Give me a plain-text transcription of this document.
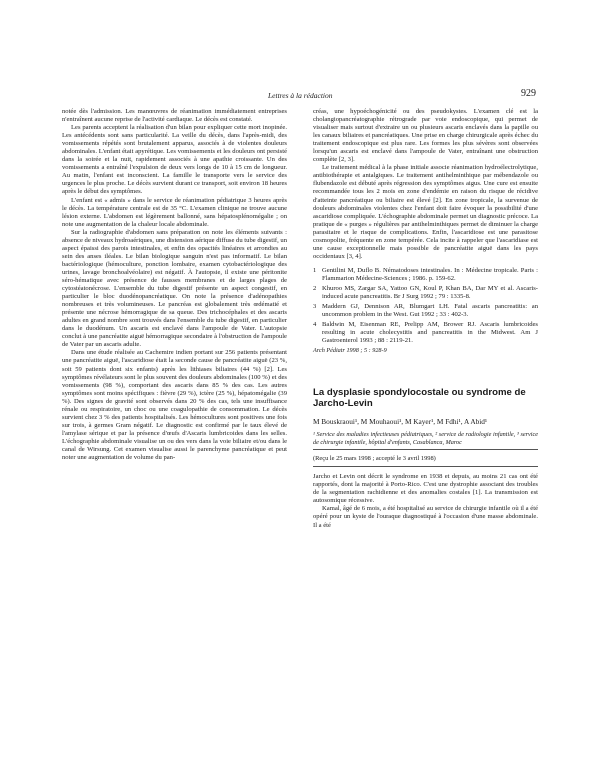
Lettres à la rédaction	929

notée dès l'admission. Les manœuvres de réanimation immédiatement entreprises n'entraînent aucune reprise de l'activité cardiaque. Le décès est constaté.

Les parents acceptent la réalisation d'un bilan pour expliquer cette mort inopinée. Les antécédents sont sans particularité. La veille du décès, dans l'après-midi, des vomissements répétés sont brutalement apparus, associés à de violentes douleurs abdominales. L'enfant était apyrétique. Les vomissements et les douleurs ont persisté dans la soirée et la nuit, rapidement associés à une apathie croissante. Un des vomissements a entraîné l'expulsion de deux vers longs de 10 à 15 cm de longueur. Au matin, l'enfant est inconscient. La famille le transporte vers le service des urgences le plus proche. Le décès survient durant ce transport, soit environ 18 heures après le début des symptômes.

L'enfant est « admis » dans le service de réanimation pédiatrique 3 heures après le décès. La température centrale est de 35 °C. L'examen clinique ne trouve aucune lésion externe. L'abdomen est légèrement ballonné, sans hépatosplénomégalie ; on note une augmentation de la chaleur locale abdominale.

Sur la radiographie d'abdomen sans préparation on note les éléments suivants : absence de niveaux hydroaériques, une distension aérique diffuse du tube digestif, un aspect épaissi des parois intestinales, et enfin des opacités linéaires et arrondies au sein des anses iléales. Le bilan biologique sanguin n'est pas informatif. Le bilan bactériologique (hémoculture, ponction lombaire, examen cytobactériologique des urines, lavage bronchoalvéolaire) est négatif. À l'autopsie, il existe une péritonite séro-hématique avec présence de fausses membranes et de larges plages de cytostéatonécrose. L'ensemble du tube digestif présente un aspect congestif, en particulier le bloc duodénopancréatique. On note la présence d'adénopathies nombreuses et très volumineuses. Le pancréas est globalement très œdématié et présente une nécrose hémorragique de sa queue. Des trichocéphales et des ascaris adultes en grand nombre sont trouvés dans l'ensemble du tube digestif, en particulier dans le duodénum. Un ascaris est enclavé dans l'ampoule de Vater. L'autopsie conclut à une pancréatite aiguë hémorragique secondaire à l'obstruction de l'ampoule de Vater par un ascaris adulte.

Dans une étude réalisée au Cachemire indien portant sur 256 patients présentant une pancréatite aiguë, l'ascaridiose était la seconde cause de pancréatite aiguë (23 %, soit 59 patients dont six enfants) après les lithiases biliaires (44 %) [2]. Les symptômes révélateurs sont le plus souvent des douleurs abdominales (100 %) et des vomissements (98 %), comportant des ascaris dans 85 % des cas. Les autres symptômes sont moins spécifiques : fièvre (29 %), ictère (25 %), hépatomégalie (39 %). Des signes de gravité sont observés dans 20 % des cas, tels une insuffisance rénale ou respiratoire, un choc ou une coagulopathie de consommation. Le décès survient chez 3 % des patients hospitalisés. Les hémocultures sont positives une fois sur trois, à germes Gram négatif. Le diagnostic est confirmé par le taux élevé de l'amylase sérique et par la présence d'œufs d'Ascaris lumbricoides dans les selles. L'échographie abdominale visualise un ou des vers dans la voie biliaire et/ou dans le canal de Wirsung. Cet examen visualise aussi le parenchyme pancréatique et peut noter une augmentation de volume du pan-

créas, une hypoéchogénicité ou des pseudokystes. L'examen clé est la cholangiopancréatographie rétrograde par voie endoscopique, qui permet de visualiser mais surtout d'extraire un ou plusieurs ascaris enclavés dans la papille ou les canaux biliaires et pancréatiques. Une prise en charge chirurgicale après échec du traitement endoscopique est plus rare. Les formes les plus sévères sont observées lorsqu'un ascaris est enclavé dans l'ampoule de Vater, entraînant une obstruction complète [2, 3].

Le traitement médical à la phase initiale associe réanimation hydroélectrolytique, antibiothérapie et antalgiques. Le traitement antihelminthique par mébendazole ou flubendazole est débuté après régression des symptômes aigus. Une cure est ensuite recommandée tous les 2 mois en zone d'endémie en raison du risque de récidive d'atteinte pancréatique ou biliaire est élevé [2]. En zone tropicale, la survenue de douleurs abdominales violentes chez l'enfant doit faire évoquer la possibilité d'une ascaridiose compliquée. L'échographie abdominale permet un diagnostic précoce. La pratique de « purges » régulières par antihelminthiques permet de diminuer la charge parasitaire et le risque de complications. Enfin, l'ascaridiose est une parasitose cosmopolite, fréquente en zone tempérée. Cela incite à rappeler que l'ascaridiase est une cause exceptionnelle mais possible de pancréatite aiguë dans les pays occidentaux [3, 4].

1 Gentilini M, Duflo B. Nématodoses intestinales. In : Médecine tropicale. Paris : Flammarion Médecine-Sciences ; 1986. p. 159-62.
2 Khuroo MS, Zargar SA, Yattoo GN, Koul P, Khan BA, Dar MY et al. Ascaris-induced acute pancreatitis. Br J Surg 1992 ; 79 : 1335-8.
3 Maddern GJ, Dennison AR, Blumgart LH. Fatal ascaris pancreatitis: an uncommon problem in the West. Gut 1992 ; 33 : 402-3.
4 Baldwin M, Eisenman RE, Prelipp AM, Brower RJ. Ascaris lumbricoides resulting in acute cholecystitis and pancreatitis in the Midwest. Am J Gastroenterol 1993 ; 88 : 2119-21.
Arch Pédiatr 1998 ; 5 : 928-9
La dysplasie spondylocostale ou syndrome de Jarcho-Levin
M Bouskraoui¹, M Mouhaoui¹, M Kayer¹, M Fdhi¹, A Abid¹
¹ Service des maladies infectieuses pédiatriques, ² service de radiologie infantile, ³ service de chirurgie infantile, hôpital d'enfants, Casablanca, Maroc
(Reçu le 25 mars 1998 ; accepté le 3 avril 1998)

Jarcho et Levin ont décrit le syndrome en 1938 et depuis, au moins 21 cas ont été rapportés, dont la majorité à Porto-Rico. C'est une dystrophie associant des troubles de la segmentation rachidienne et des anomalies costales [1]. La transmission est autosomique récessive.

Kamal, âgé de 6 mois, a été hospitalisé au service de chirurgie infantile où il a été opéré pour un kyste de l'ouraque diagnostiqué à l'occasion d'une masse abdominale. Il a été
